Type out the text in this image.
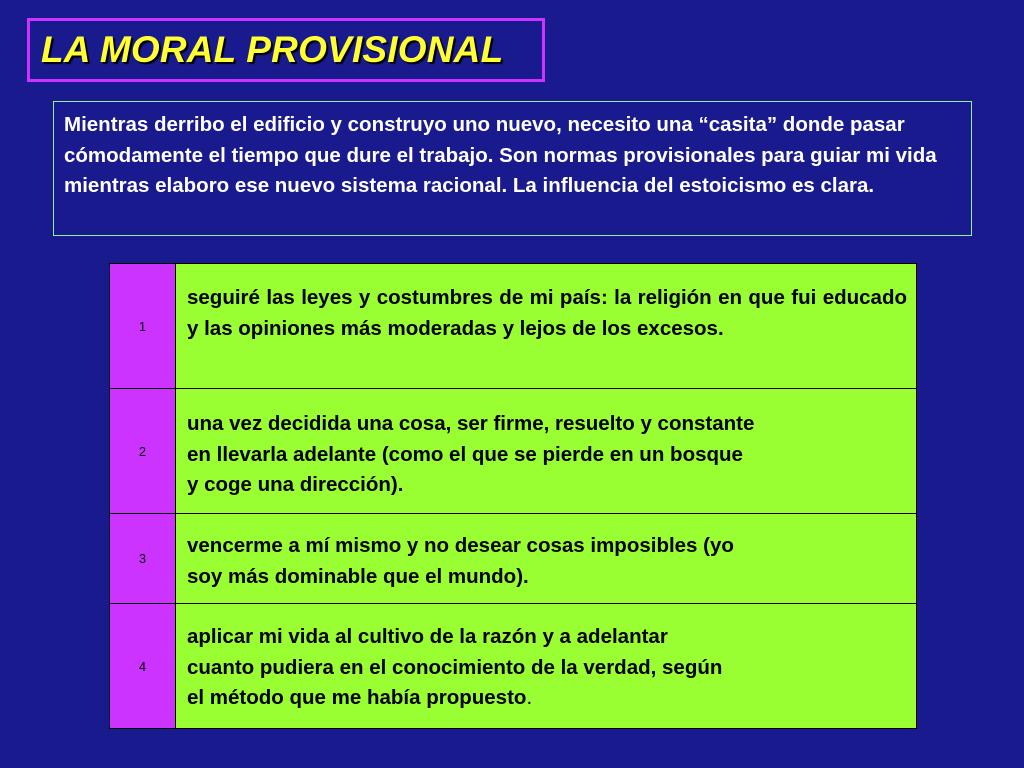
LA MORAL PROVISIONAL
Mientras derribo el edificio y construyo uno nuevo, necesito una “casita” donde pasar cómodamente el tiempo que dure el trabajo. Son normas provisionales para guiar mi vida mientras elaboro ese nuevo sistema racional. La influencia del estoicismo es clara.
1
seguiré las leyes y costumbres de mi país: la religión en que fui educado y las opiniones más moderadas y lejos de los excesos.
2
una vez decidida una cosa, ser firme, resuelto y constante
en llevarla adelante (como el que se pierde en un bosque
y coge una dirección).
3
vencerme a mí mismo y no desear cosas imposibles (yo
soy más dominable que el mundo).
4
aplicar mi vida al cultivo de la razón y a adelantar
cuanto pudiera en el conocimiento de la verdad, según
el método que me había propuesto.
